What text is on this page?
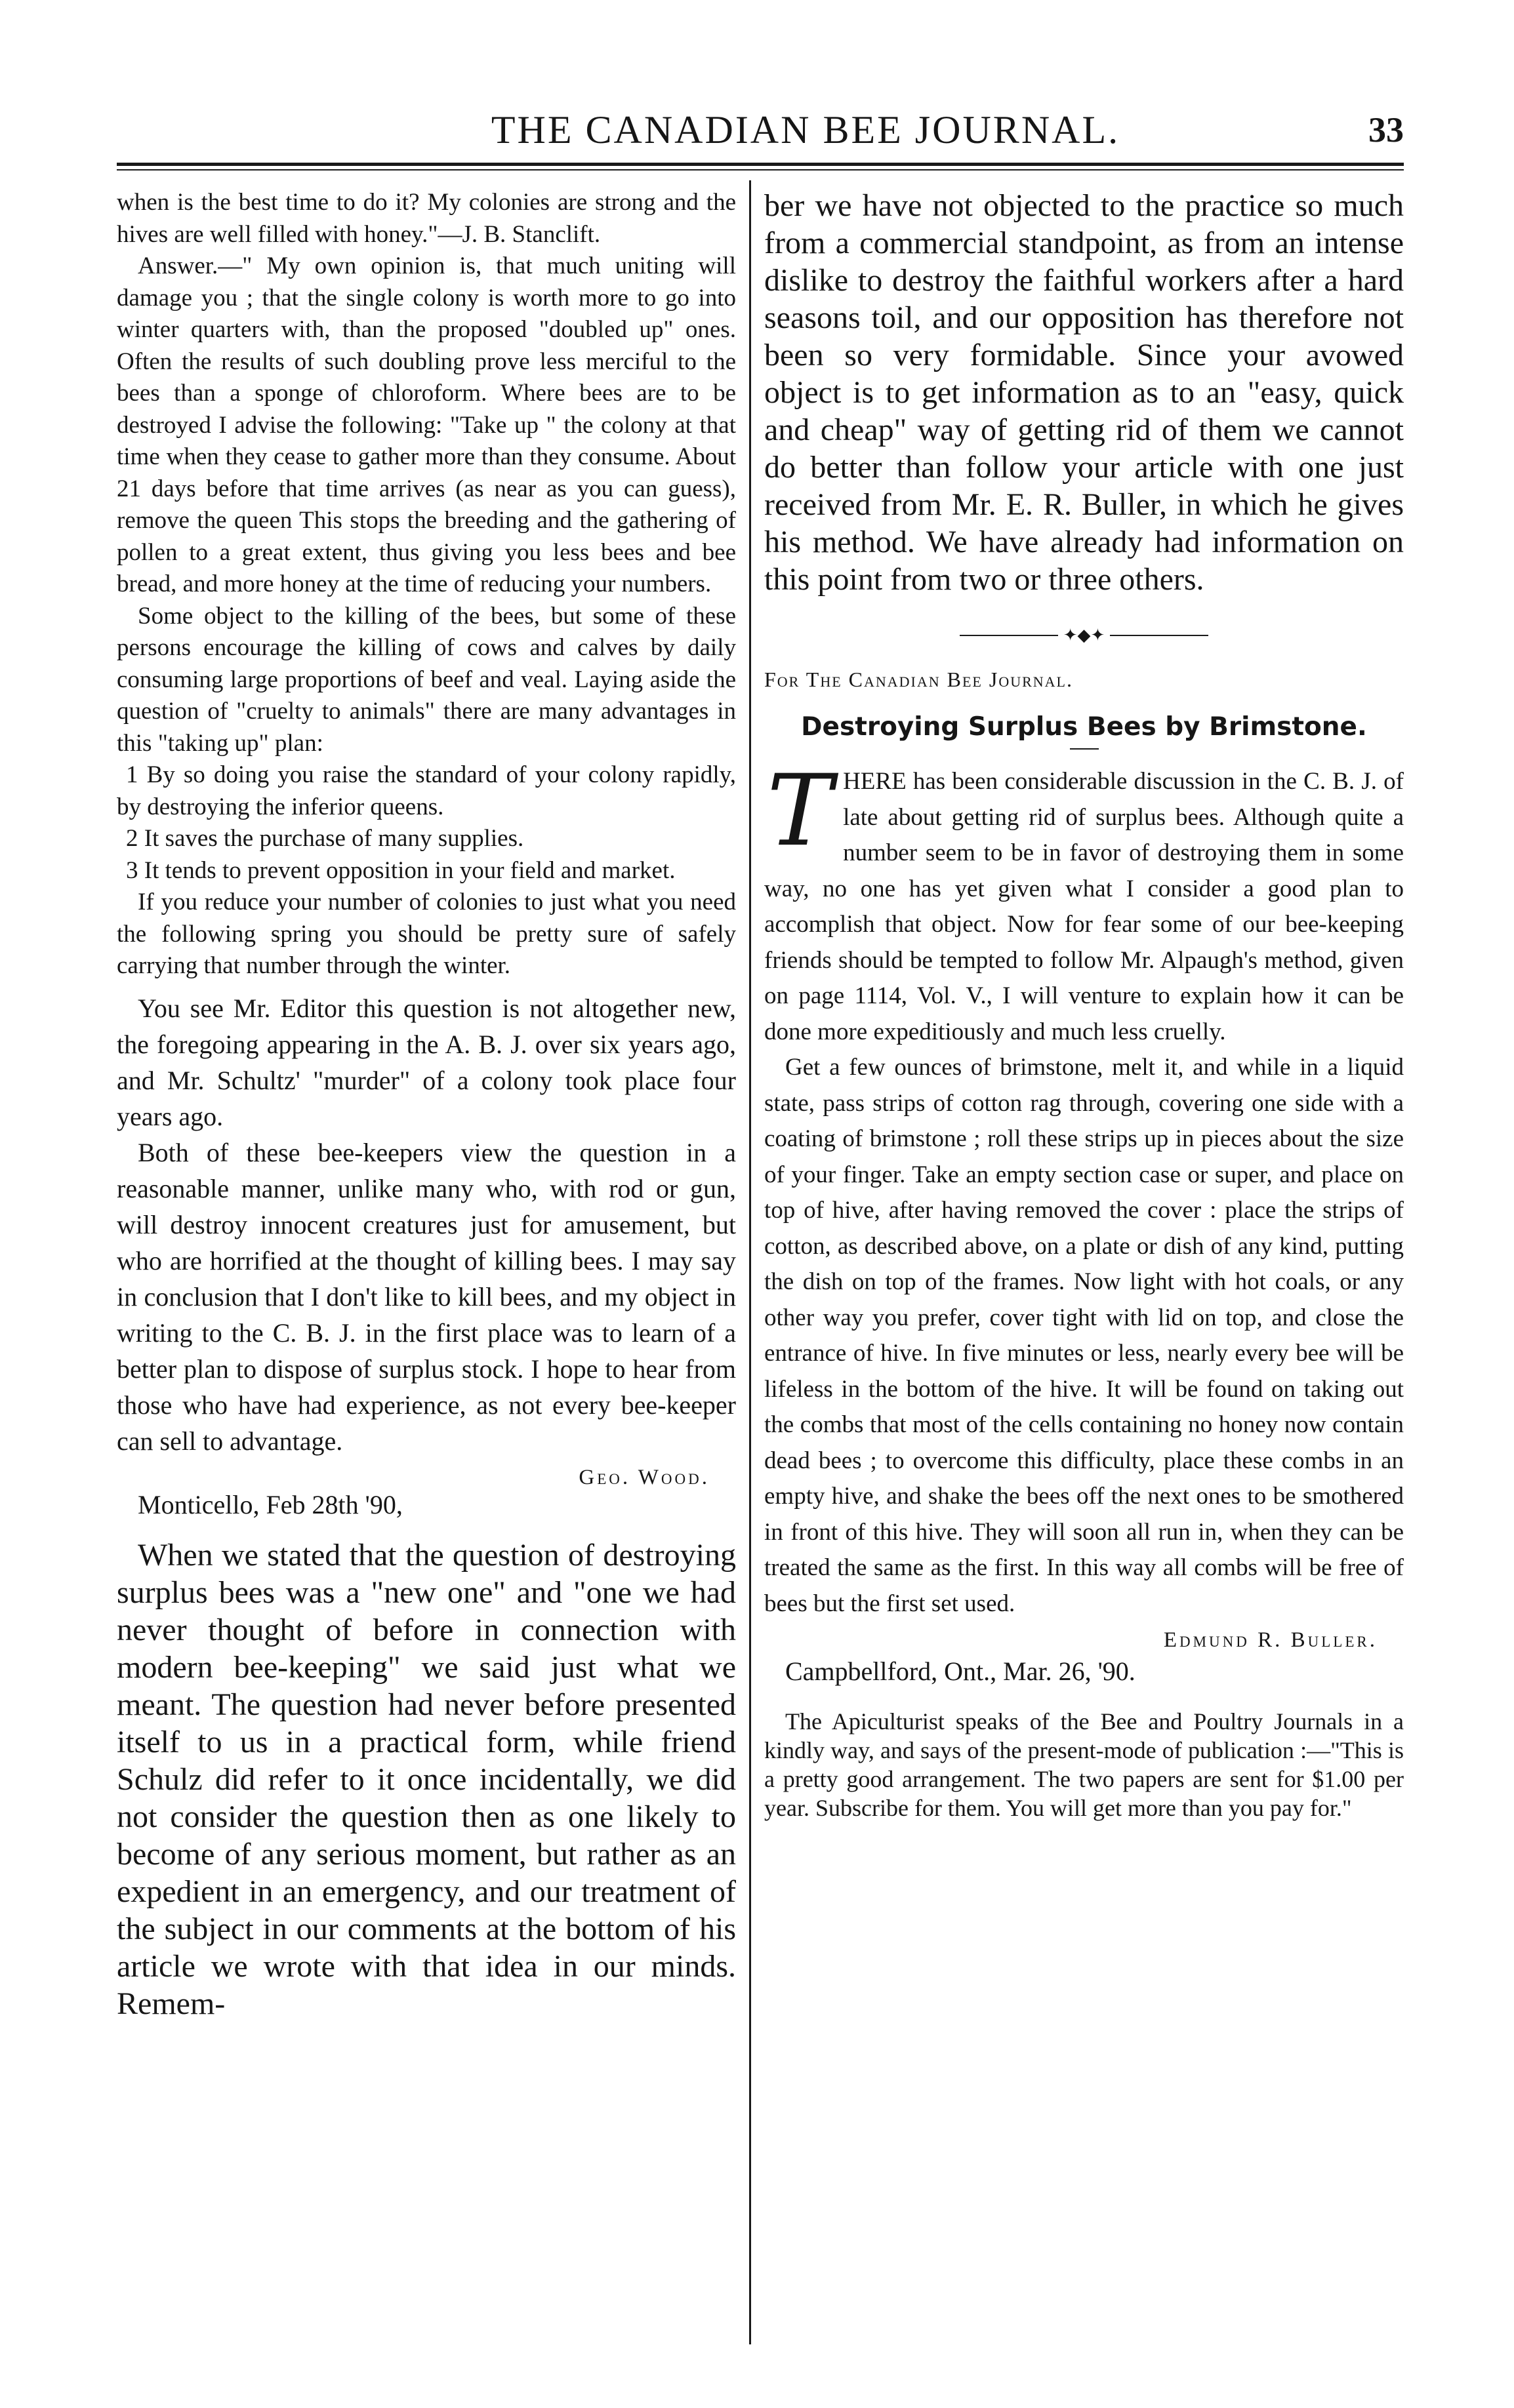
THE CANADIAN BEE JOURNAL.	33

when is the best time to do it? My colonies are strong and the hives are well filled with honey."—J. B. Stanclift.

Answer.—" My own opinion is, that much uniting will damage you ; that the single colony is worth more to go into winter quarters with, than the proposed "doubled up" ones. Often the results of such doubling prove less merciful to the bees than a sponge of chloroform. Where bees are to be destroyed I advise the following: "Take up " the colony at that time when they cease to gather more than they consume. About 21 days before that time arrives (as near as you can guess), remove the queen This stops the breeding and the gathering of pollen to a great extent, thus giving you less bees and bee bread, and more honey at the time of reducing your numbers.

Some object to the killing of the bees, but some of these persons encourage the killing of cows and calves by daily consuming large proportions of beef and veal. Laying aside the question of "cruelty to animals" there are many advantages in this "taking up" plan:

1 By so doing you raise the standard of your colony rapidly, by destroying the inferior queens.

2 It saves the purchase of many supplies.

3 It tends to prevent opposition in your field and market.

If you reduce your number of colonies to just what you need the following spring you should be pretty sure of safely carrying that number through the winter.

You see Mr. Editor this question is not altogether new, the foregoing appearing in the A. B. J. over six years ago, and Mr. Schultz' "murder" of a colony took place four years ago.

Both of these bee-keepers view the question in a reasonable manner, unlike many who, with rod or gun, will destroy innocent creatures just for amusement, but who are horrified at the thought of killing bees. I may say in conclusion that I don't like to kill bees, and my object in writing to the C. B. J. in the first place was to learn of a better plan to dispose of surplus stock. I hope to hear from those who have had experience, as not every bee-keeper can sell to advantage.

Geo. Wood.

Monticello, Feb 28th '90,

When we stated that the question of destroying surplus bees was a "new one" and "one we had never thought of before in connection with modern bee-keeping" we said just what we meant. The question had never before presented itself to us in a practical form, while friend Schulz did refer to it once incidentally, we did not consider the question then as one likely to become of any serious moment, but rather as an expedient in an emergency, and our treatment of the subject in our comments at the bottom of his article we wrote with that idea in our minds. Remem-

ber we have not objected to the practice so much from a commercial standpoint, as from an intense dislike to destroy the faithful workers after a hard seasons toil, and our opposition has therefore not been so very formidable. Since your avowed object is to get information as to an "easy, quick and cheap" way of getting rid of them we cannot do better than follow your article with one just received from Mr. E. R. Buller, in which he gives his method. We have already had information on this point from two or three others.

✦◆✦

For The Canadian Bee Journal.

Destroying Surplus Bees by Brimstone.
T HERE has been considerable discussion in the C. B. J. of late about getting rid of surplus bees. Although quite a number seem to be in favor of destroying them in some way, no one has yet given what I consider a good plan to accomplish that object. Now for fear some of our bee-keeping friends should be tempted to follow Mr. Alpaugh's method, given on page 1114, Vol. V., I will venture to explain how it can be done more expeditiously and much less cruelly.

Get a few ounces of brimstone, melt it, and while in a liquid state, pass strips of cotton rag through, covering one side with a coating of brimstone ; roll these strips up in pieces about the size of your finger. Take an empty section case or super, and place on top of hive, after having removed the cover : place the strips of cotton, as described above, on a plate or dish of any kind, putting the dish on top of the frames. Now light with hot coals, or any other way you prefer, cover tight with lid on top, and close the entrance of hive. In five minutes or less, nearly every bee will be lifeless in the bottom of the hive. It will be found on taking out the combs that most of the cells containing no honey now contain dead bees ; to overcome this difficulty, place these combs in an empty hive, and shake the bees off the next ones to be smothered in front of this hive. They will soon all run in, when they can be treated the same as the first. In this way all combs will be free of bees but the first set used.

Edmund R. Buller.

Campbellford, Ont., Mar. 26, '90.

The Apiculturist speaks of the Bee and Poultry Journals in a kindly way, and says of the present-mode of publication :—"This is a pretty good arrangement. The two papers are sent for $1.00 per year. Subscribe for them. You will get more than you pay for."
